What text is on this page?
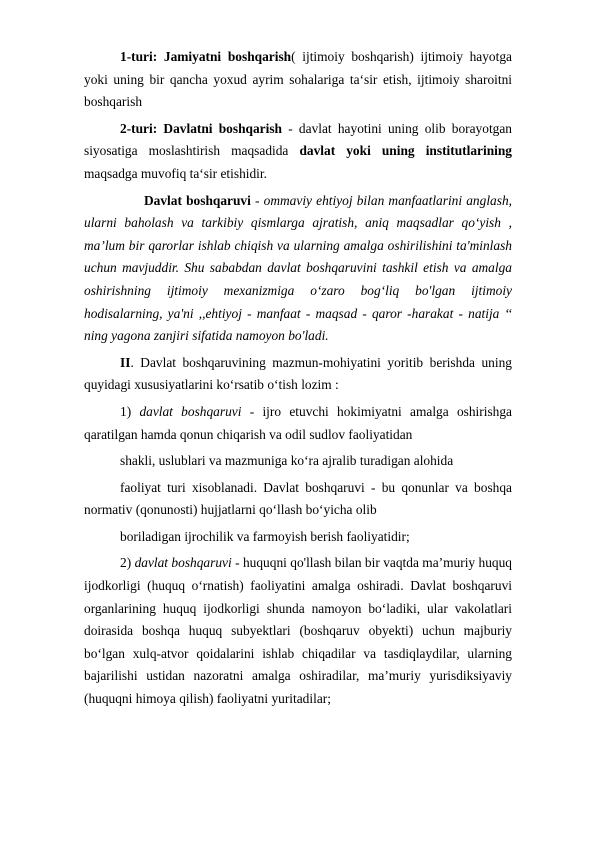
1-turi: Jamiyatni boshqarish( ijtimoiy boshqarish) ijtimoiy hayotga yoki uning bir qancha yoxud ayrim sohalariga ta‘sir etish, ijtimoiy sharoitni boshqarish

2-turi: Davlatni boshqarish - davlat hayotini uning olib borayotgan siyosatiga moslashtirish maqsadida davlat yoki uning institutlarining maqsadga muvofiq ta‘sir etishidir.

Davlat boshqaruvi - ommaviy ehtiyoj bilan manfaatlarini anglash, ularni baholash va tarkibiy qismlarga ajratish, aniq maqsadlar qo‘yish , ma’lum bir qarorlar ishlab chiqish va ularning amalga oshirilishini ta'minlash uchun mavjuddir. Shu sababdan davlat boshqaruvini tashkil etish va amalga oshirishning ijtimoiy mexanizmiga o‘zaro bog‘liq bo'lgan ijtimoiy hodisalarning, ya'ni ,,ehtiyoj - manfaat - maqsad - qaror -harakat - natija ‘‘ ning yagona zanjiri sifatida namoyon bo'ladi.

II. Davlat boshqaruvining mazmun-mohiyatini yoritib berishda uning quyidagi xususiyatlarini ko‘rsatib o‘tish lozim :

1) davlat boshqaruvi - ijro etuvchi hokimiyatni amalga oshirishga qaratilgan hamda qonun chiqarish va odil sudlov faoliyatidan

shakli, uslublari va mazmuniga ko‘ra ajralib turadigan alohida

faoliyat turi xisoblanadi. Davlat boshqaruvi - bu qonunlar va boshqa normativ (qonunosti) hujjatlarni qo‘llash bo‘yicha olib

boriladigan ijrochilik va farmoyish berish faoliyatidir;

2) davlat boshqaruvi - huquqni qo'llash bilan bir vaqtda ma’muriy huquq ijodkorligi (huquq o‘rnatish) faoliyatini amalga oshiradi. Davlat boshqaruvi organlarining huquq ijodkorligi shunda namoyon bo‘ladiki, ular vakolatlari doirasida boshqa huquq subyektlari (boshqaruv obyekti) uchun majburiy bo‘lgan xulq-atvor qoidalarini ishlab chiqadilar va tasdiqlaydilar, ularning bajarilishi ustidan nazoratni amalga oshiradilar, ma’muriy yurisdiksiyaviy (huquqni himoya qilish) faoliyatni yuritadilar;
